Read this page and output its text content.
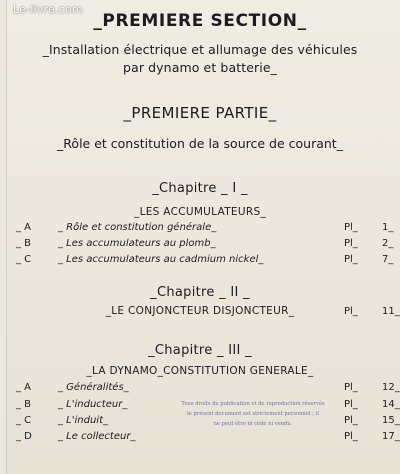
Le-livre.com
_PREMIERE SECTION_
_Installation électrique et allumage des véhicules
par dynamo et batterie_
_PREMIERE PARTIE_
_Rôle et constitution de la source de courant_
_Chapitre _ I _
_LES ACCUMULATEURS_
_ A	_ Rôle et constitution générale_	Pl_ 1_
_ B	_ Les accumulateurs au plomb_	Pl_ 2_
_ C	_ Les accumulateurs au cadmium nickel_	Pl_ 7_
_Chapitre _ II _
_LE CONJONCTEUR DISJONCTEUR_	Pl_ 11_
_Chapitre _ III _
_LA DYNAMO_CONSTITUTION GENERALE_
_ A	_ Généralités_	Pl_ 12_
_ B	_ L'inducteur_	Pl_ 14_
_ C	_ L'induit_	Pl_ 15_
_ D	_ Le collecteur_	Pl_ 17_
Tous droits de publication et de reproduction réservés
le présent document est strictement personnel ; il
ne peut être ni cédé ni vendu.
